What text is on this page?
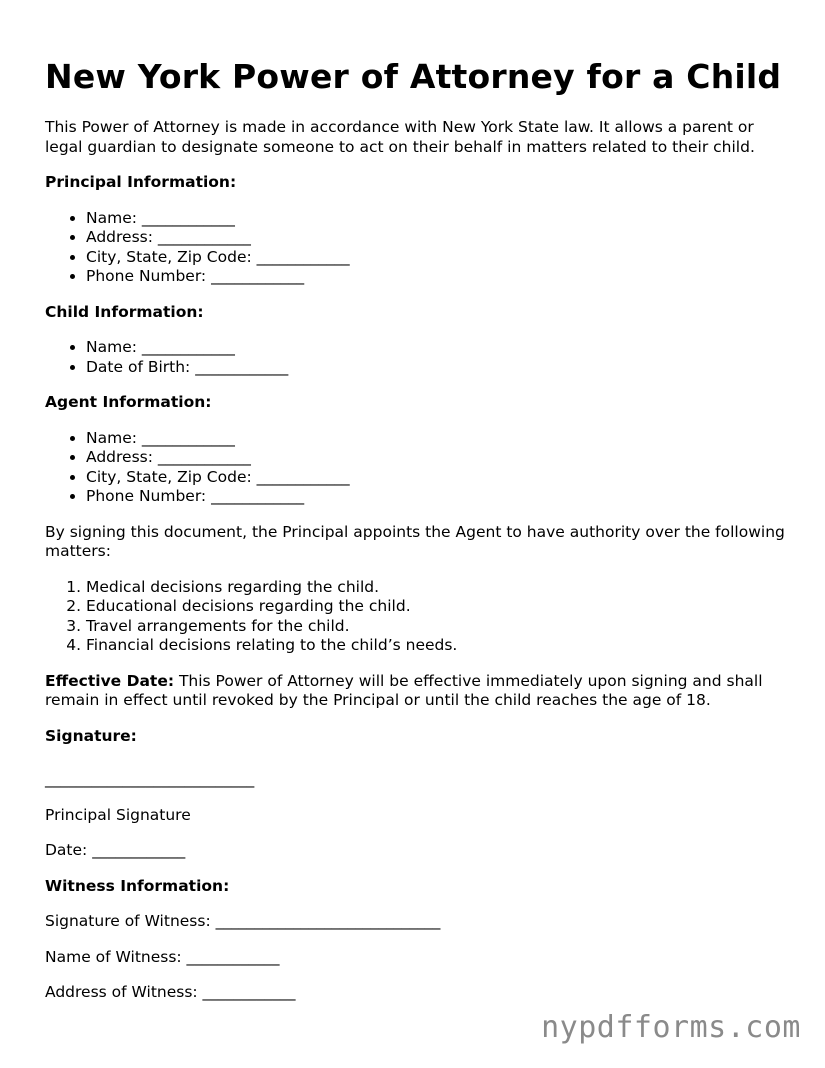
New York Power of Attorney for a Child

This Power of Attorney is made in accordance with New York State law. It allows a parent or legal guardian to designate someone to act on their behalf in matters related to their child.

Principal Information:

• Name: ____________
• Address: ____________
• City, State, Zip Code: ____________
• Phone Number: ____________

Child Information:

• Name: ____________
• Date of Birth: ____________

Agent Information:

• Name: ____________
• Address: ____________
• City, State, Zip Code: ____________
• Phone Number: ____________

By signing this document, the Principal appoints the Agent to have authority over the following matters:

1. Medical decisions regarding the child.
2. Educational decisions regarding the child.
3. Travel arrangements for the child.
4. Financial decisions relating to the child’s needs.

Effective Date: This Power of Attorney will be effective immediately upon signing and shall remain in effect until revoked by the Principal or until the child reaches the age of 18.

Signature:

___________________________

Principal Signature

Date: ____________

Witness Information:

Signature of Witness: _____________________________

Name of Witness: ____________

Address of Witness: ____________

nypdfforms.com
